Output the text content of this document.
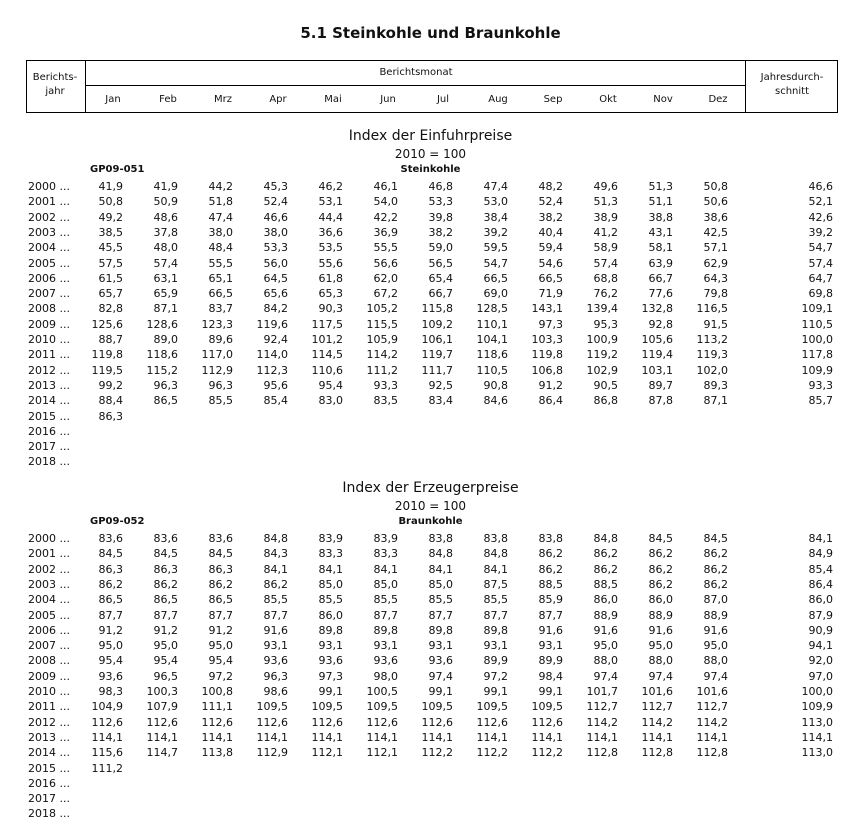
5.1 Steinkohle und Braunkohle
Berichts-
jahr
Berichtsmonat
Jan	Feb	Mrz	Apr	Mai	Jun	Jul	Aug	Sep	Okt	Nov	Dez
Jahresdurch-
schnitt
Index der Einfuhrpreise
2010 = 100
GP09-051	Steinkohle
2000 ...	41,9	41,9	44,2	45,3	46,2	46,1	46,8	47,4	48,2	49,6	51,3	50,8	46,6
2001 ...	50,8	50,9	51,8	52,4	53,1	54,0	53,3	53,0	52,4	51,3	51,1	50,6	52,1
2002 ...	49,2	48,6	47,4	46,6	44,4	42,2	39,8	38,4	38,2	38,9	38,8	38,6	42,6
2003 ...	38,5	37,8	38,0	38,0	36,6	36,9	38,2	39,2	40,4	41,2	43,1	42,5	39,2
2004 ...	45,5	48,0	48,4	53,3	53,5	55,5	59,0	59,5	59,4	58,9	58,1	57,1	54,7
2005 ...	57,5	57,4	55,5	56,0	55,6	56,6	56,5	54,7	54,6	57,4	63,9	62,9	57,4
2006 ...	61,5	63,1	65,1	64,5	61,8	62,0	65,4	66,5	66,5	68,8	66,7	64,3	64,7
2007 ...	65,7	65,9	66,5	65,6	65,3	67,2	66,7	69,0	71,9	76,2	77,6	79,8	69,8
2008 ...	82,8	87,1	83,7	84,2	90,3	105,2	115,8	128,5	143,1	139,4	132,8	116,5	109,1
2009 ...	125,6	128,6	123,3	119,6	117,5	115,5	109,2	110,1	97,3	95,3	92,8	91,5	110,5
2010 ...	88,7	89,0	89,6	92,4	101,2	105,9	106,1	104,1	103,3	100,9	105,6	113,2	100,0
2011 ...	119,8	118,6	117,0	114,0	114,5	114,2	119,7	118,6	119,8	119,2	119,4	119,3	117,8
2012 ...	119,5	115,2	112,9	112,3	110,6	111,2	111,7	110,5	106,8	102,9	103,1	102,0	109,9
2013 ...	99,2	96,3	96,3	95,6	95,4	93,3	92,5	90,8	91,2	90,5	89,7	89,3	93,3
2014 ...	88,4	86,5	85,5	85,4	83,0	83,5	83,4	84,6	86,4	86,8	87,8	87,1	85,7
2015 ...	86,3
2016 ...
2017 ...
2018 ...
Index der Erzeugerpreise
2010 = 100
GP09-052	Braunkohle
2000 ...	83,6	83,6	83,6	84,8	83,9	83,9	83,8	83,8	83,8	84,8	84,5	84,5	84,1
2001 ...	84,5	84,5	84,5	84,3	83,3	83,3	84,8	84,8	86,2	86,2	86,2	86,2	84,9
2002 ...	86,3	86,3	86,3	84,1	84,1	84,1	84,1	84,1	86,2	86,2	86,2	86,2	85,4
2003 ...	86,2	86,2	86,2	86,2	85,0	85,0	85,0	87,5	88,5	88,5	86,2	86,2	86,4
2004 ...	86,5	86,5	86,5	85,5	85,5	85,5	85,5	85,5	85,9	86,0	86,0	87,0	86,0
2005 ...	87,7	87,7	87,7	87,7	86,0	87,7	87,7	87,7	87,7	88,9	88,9	88,9	87,9
2006 ...	91,2	91,2	91,2	91,6	89,8	89,8	89,8	89,8	91,6	91,6	91,6	91,6	90,9
2007 ...	95,0	95,0	95,0	93,1	93,1	93,1	93,1	93,1	93,1	95,0	95,0	95,0	94,1
2008 ...	95,4	95,4	95,4	93,6	93,6	93,6	93,6	89,9	89,9	88,0	88,0	88,0	92,0
2009 ...	93,6	96,5	97,2	96,3	97,3	98,0	97,4	97,2	98,4	97,4	97,4	97,4	97,0
2010 ...	98,3	100,3	100,8	98,6	99,1	100,5	99,1	99,1	99,1	101,7	101,6	101,6	100,0
2011 ...	104,9	107,9	111,1	109,5	109,5	109,5	109,5	109,5	109,5	112,7	112,7	112,7	109,9
2012 ...	112,6	112,6	112,6	112,6	112,6	112,6	112,6	112,6	112,6	114,2	114,2	114,2	113,0
2013 ...	114,1	114,1	114,1	114,1	114,1	114,1	114,1	114,1	114,1	114,1	114,1	114,1	114,1
2014 ...	115,6	114,7	113,8	112,9	112,1	112,1	112,2	112,2	112,2	112,8	112,8	112,8	113,0
2015 ...	111,2
2016 ...
2017 ...
2018 ...
